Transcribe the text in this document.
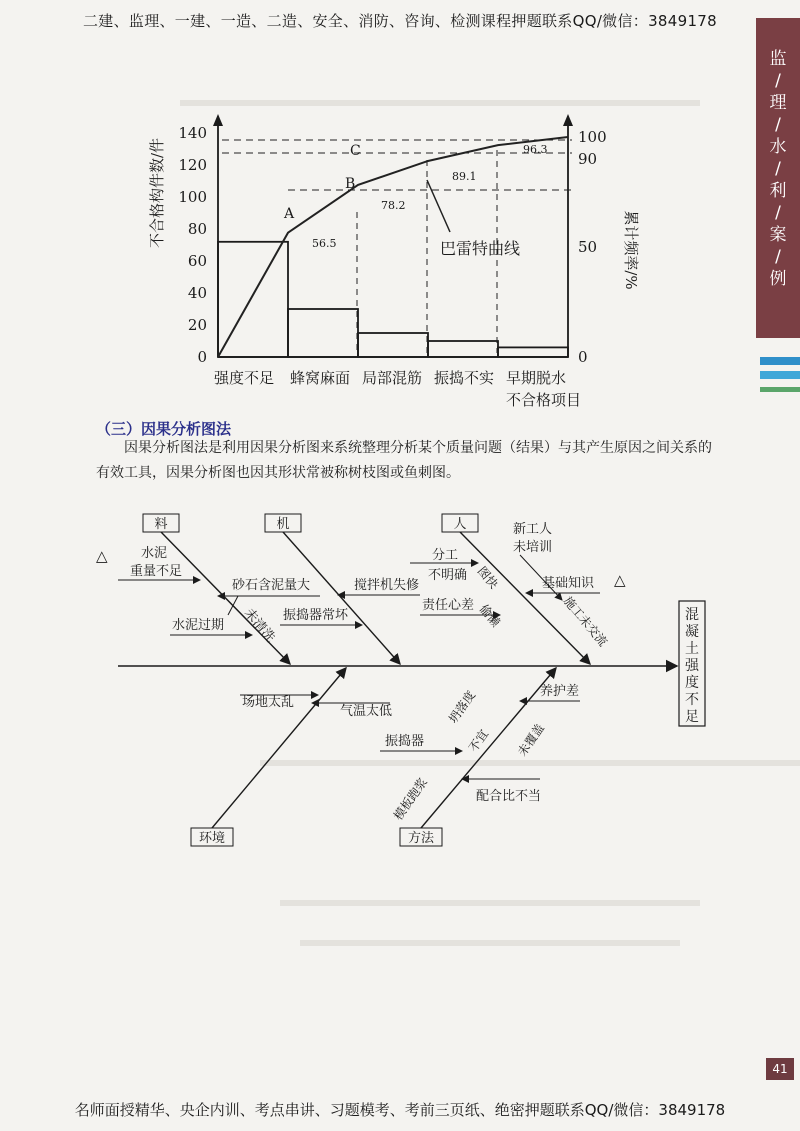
二建、监理、一建、一造、二造、安全、消防、咨询、检测课程押题联系QQ/微信：3849178
名师面授精华、央企内训、考点串讲、习题模考、考前三页纸、绝密押题联系QQ/微信：3849178
监
/
理
/
水
/
利
/
案
/
例
41
0
20
40
60
80
100
120
140
0
50
90
100
不合格构件数/件
累计频率/%
A
B
C
56.5
78.2
89.1
96.3
巴雷特曲线
强度不足 蜂窝麻面 局部混筋 振捣不实 早期脱水
不合格项目
（三）因果分析图法
因果分析图法是利用因果分析图来系统整理分析某个质量问题（结果）与其产生原因之间关系的有效工具，因果分析图也因其形状常被称树枝图或鱼刺图。
混
凝
土
强
度
不
足
料
水泥
重量不足
砂石含泥量大
水泥过期 未清洗
机
搅拌机失修
振捣器常坏
人	新工人
未培训
分工
不明确 图快	基础知识
责任心差 偷懒	施工未交流
环境
场地太乱
气温太低
方法
养护差
坍落度
不宜 未覆盖
振捣器
模板跑浆	配合比不当
△
△
